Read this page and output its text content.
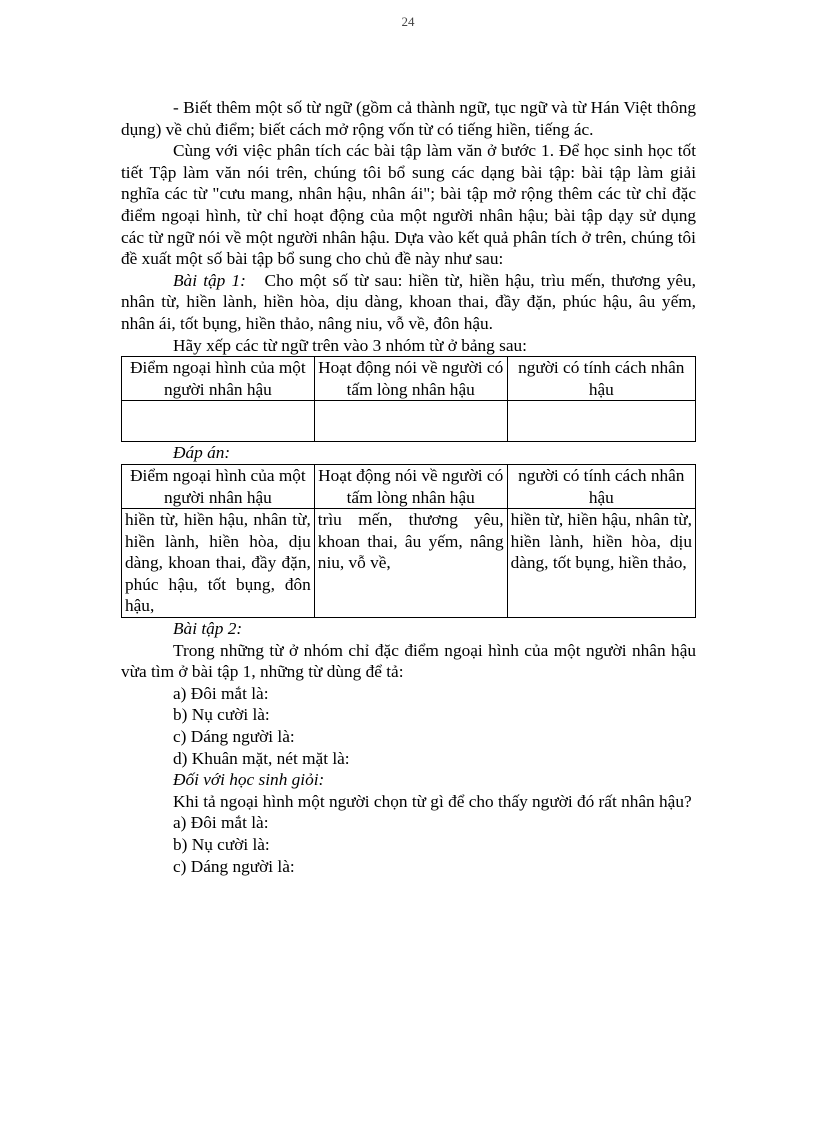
24

- Biết thêm một số từ ngữ (gồm cả thành ngữ, tục ngữ và từ Hán Việt thông dụng) về chủ điểm; biết cách mở rộng vốn từ có tiếng hiền, tiếng ác.

Cùng với việc phân tích các bài tập làm văn ở bước 1. Để học sinh học tốt tiết Tập làm văn nói trên, chúng tôi bổ sung các dạng bài tập: bài tập làm giải nghĩa các từ "cưu mang, nhân hậu, nhân ái"; bài tập mở rộng thêm các từ chỉ đặc điểm ngoại hình, từ chỉ hoạt động của một người nhân hậu; bài tập dạy sử dụng các từ ngữ nói về một người nhân hậu. Dựa vào kết quả phân tích ở trên, chúng tôi đề xuất một số bài tập bổ sung cho chủ đề này như sau:

Bài tập 1: Cho một số từ sau: hiền từ, hiền hậu, trìu mến, thương yêu, nhân từ, hiền lành, hiền hòa, dịu dàng, khoan thai, đầy đặn, phúc hậu, âu yếm, nhân ái, tốt bụng, hiền thảo, nâng niu, vỗ về, đôn hậu.

Hãy xếp các từ ngữ trên vào 3 nhóm từ ở bảng sau:

Điểm ngoại hình của một người nhân hậu	Hoạt động nói về người có tấm lòng nhân hậu	người có tính cách nhân hậu

Đáp án:

Điểm ngoại hình của một người nhân hậu	Hoạt động nói về người có tấm lòng nhân hậu	người có tính cách nhân hậu
hiền từ, hiền hậu, nhân từ, hiền lành, hiền hòa, dịu dàng, khoan thai, đầy đặn, phúc hậu, tốt bụng, đôn hậu,	trìu mến, thương yêu, khoan thai, âu yếm, nâng niu, vỗ về,	hiền từ, hiền hậu, nhân từ, hiền lành, hiền hòa, dịu dàng, tốt bụng, hiền thảo,

Bài tập 2:

Trong những từ ở nhóm chỉ đặc điểm ngoại hình của một người nhân hậu vừa tìm ở bài tập 1, những từ dùng để tả:

a) Đôi mắt là:

b) Nụ cười là:

c) Dáng người là:

d) Khuân mặt, nét mặt là:

Đối với học sinh giỏi:

Khi tả ngoại hình một người chọn từ gì để cho thấy người đó rất nhân hậu?

a) Đôi mắt là:

b) Nụ cười là:

c) Dáng người là:
